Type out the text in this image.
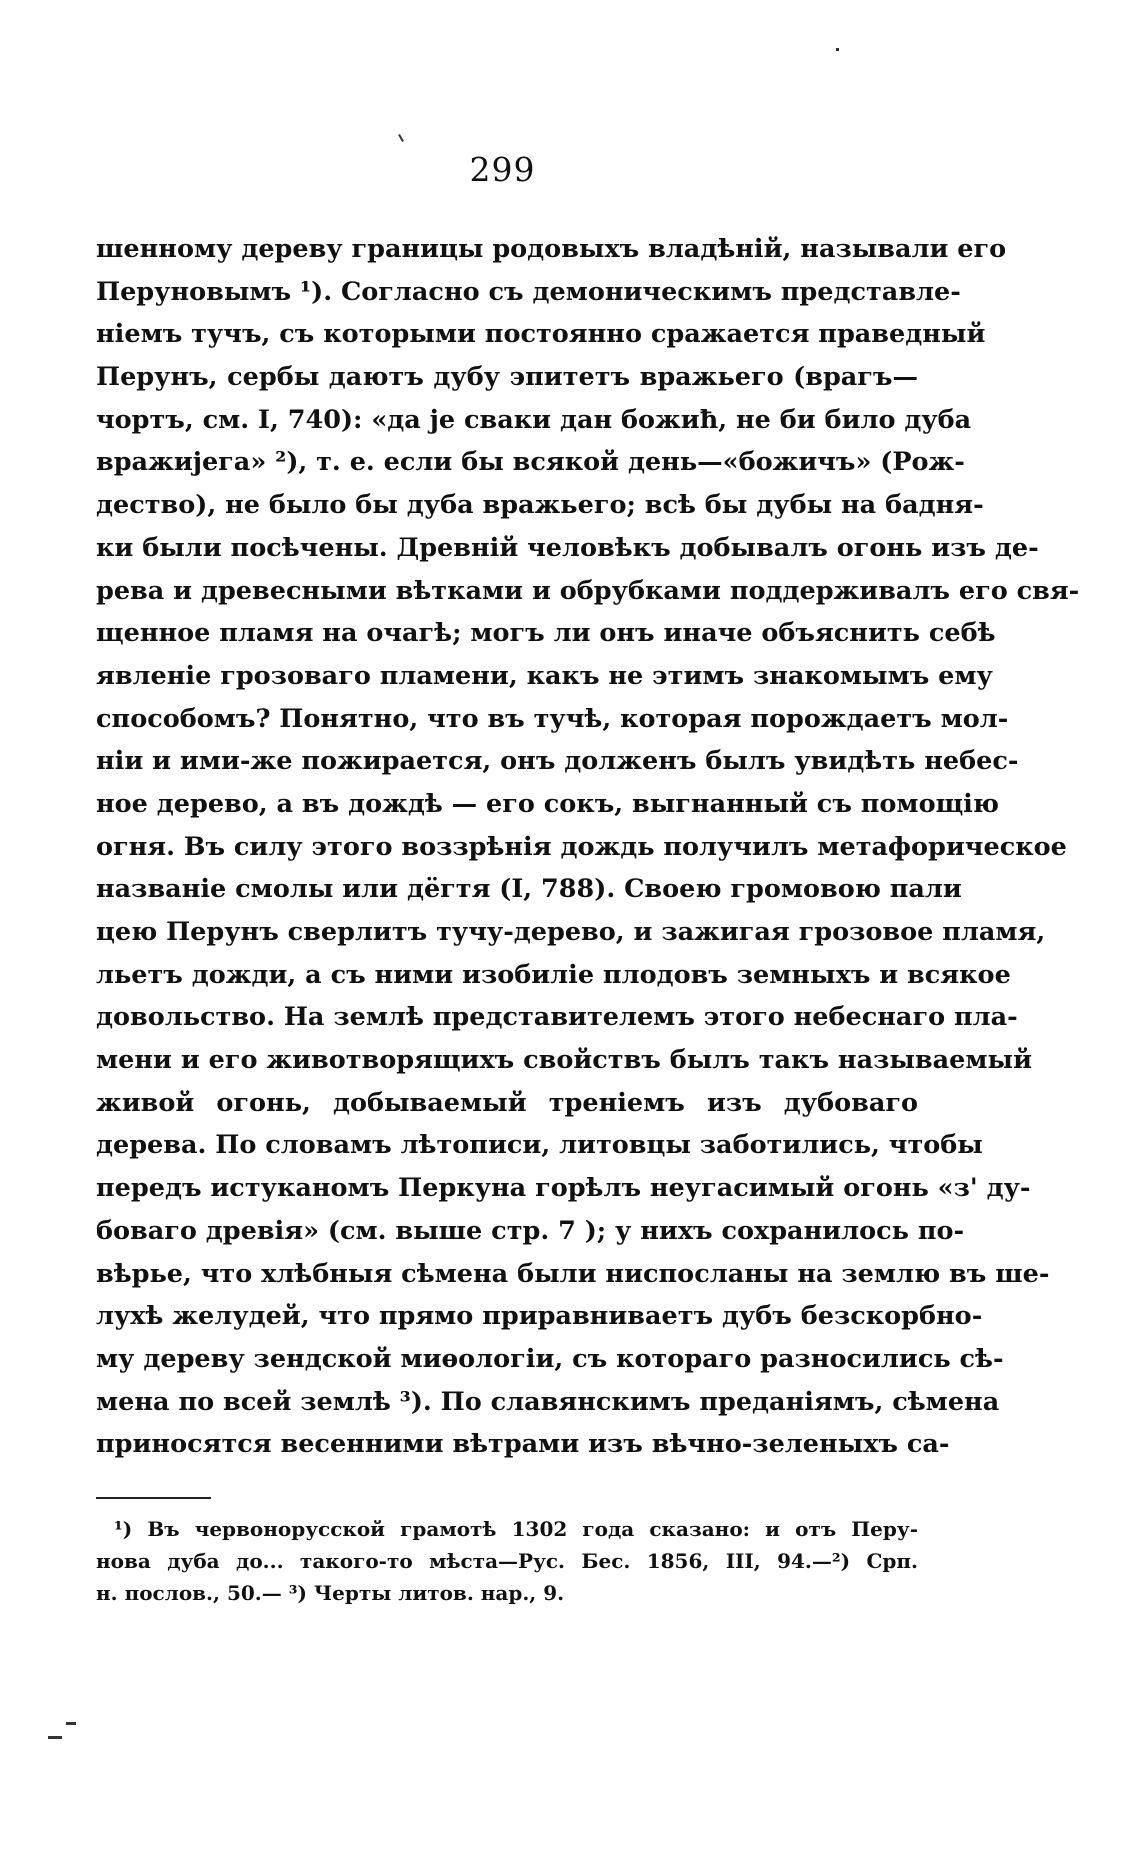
299
шенному дереву границы родовыхъ владѣній, называли его
Перуновымъ ¹). Согласно съ демоническимъ представле-
ніемъ тучъ, съ которыми постоянно сражается праведный
Перунъ, сербы даютъ дубу эпитетъ вражьего (врагъ—
чортъ, см. I, 740): «да је сваки дан божиħ, не би било дуба
вражиjега» ²), т. е. если бы всякой день—«божичъ» (Рож-
дество), не было бы дуба вражьего; всѣ бы дубы на бадня-
ки были посѣчены. Древній человѣкъ добывалъ огонь изъ де-
рева и древесными вѣтками и обрубками поддерживалъ его свя-
щенное пламя на очагѣ; могъ ли онъ иначе объяснить себѣ
явленіе грозоваго пламени, какъ не этимъ знакомымъ ему
способомъ? Понятно, что въ тучѣ, которая порождаетъ мол-
ніи и ими-же пожирается, онъ долженъ былъ увидѣть небес-
ное дерево, а въ дождѣ — его сокъ, выгнанный съ помощію
огня. Въ силу этого воззрѣнія дождь получилъ метафорическое
названіе смолы или дёгтя (I, 788). Своею громовою пали
цею Перунъ сверлитъ тучу-дерево, и зажигая грозовое пламя,
льетъ дожди, а съ ними изобиліе плодовъ земныхъ и всякое
довольство. На землѣ представителемъ этого небеснаго пла-
мени и его животворящихъ свойствъ былъ такъ называемый
живой огонь, добываемый треніемъ изъ дубоваго
дерева. По словамъ лѣтописи, литовцы заботились, чтобы
передъ истуканомъ Перкуна горѣлъ неугасимый огонь «з' ду-
боваго древія» (см. выше стр. 7 ); у нихъ сохранилось по-
вѣрье, что хлѣбныя сѣмена были ниспосланы на землю въ ше-
лухѣ желудей, что прямо приравниваетъ дубъ безскорбно-
му дереву зендской миѳологіи, съ котораго разносились сѣ-
мена по всей землѣ ³). По славянскимъ преданіямъ, сѣмена
приносятся весенними вѣтрами изъ вѣчно-зеленыхъ са-
¹) Въ червонорусской грамотѣ 1302 года сказано: и отъ Перу-
нова дуба до... такого-то мѣста—Рус. Бес. 1856, III, 94.—²) Срп.
н. послов., 50.— ³) Черты литов. нар., 9.
